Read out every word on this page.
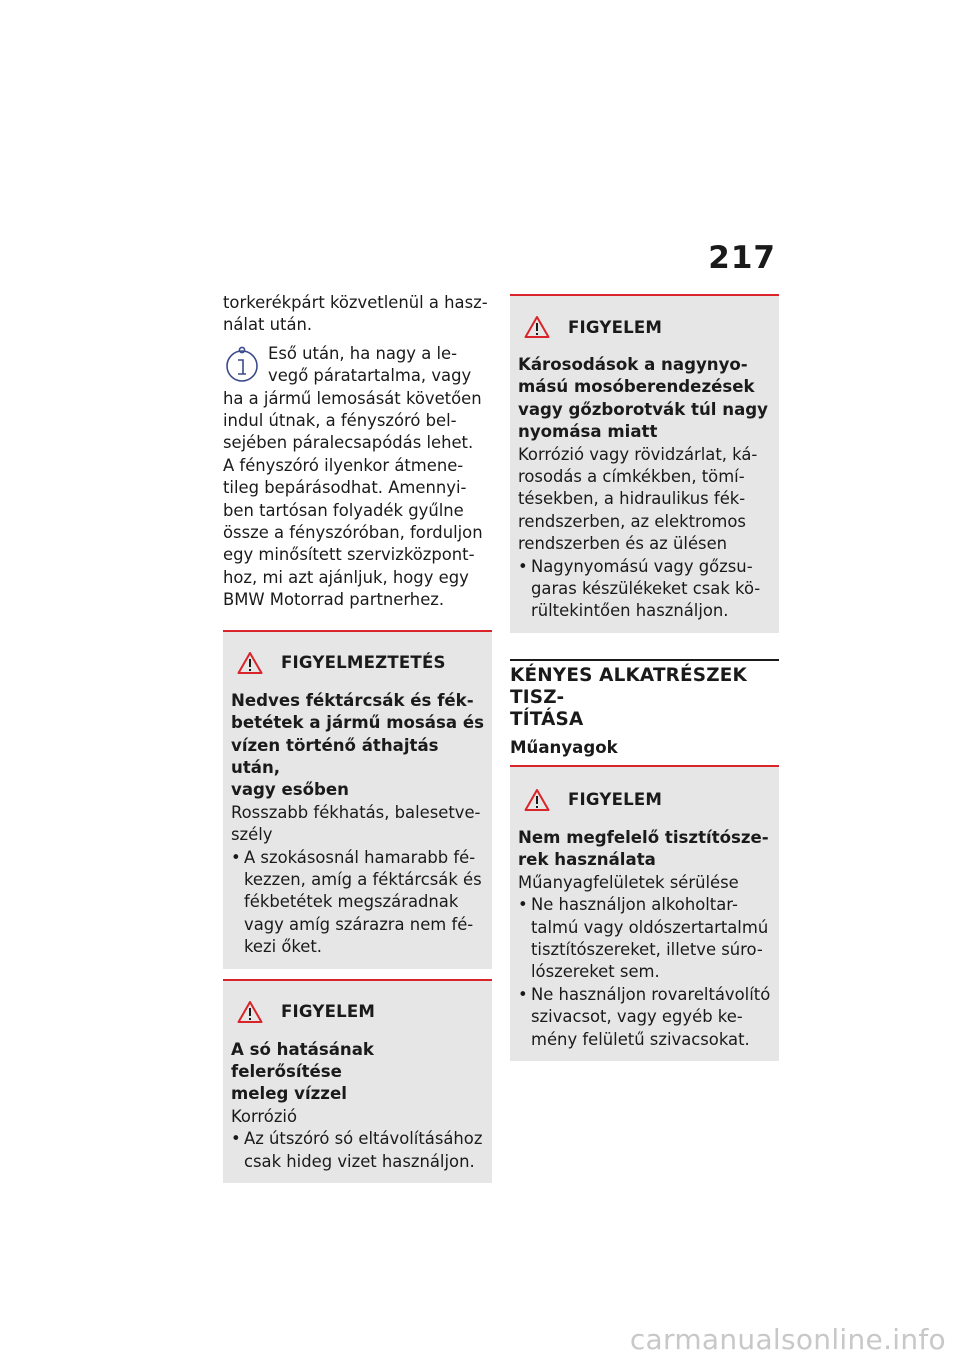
217

torkerékpárt közvetlenül a hasz-
nálat után.

Eső után, ha nagy a le-
vegő páratartalma, vagy

ha a jármű lemosását követően
indul útnak, a fényszóró bel-
sejében páralecsapódás lehet.
A fényszóró ilyenkor átmene-
tileg bepárásodhat. Amennyi-
ben tartósan folyadék gyűlne
össze a fényszóróban, forduljon
egy minősített szervizközpont-
hoz, mi azt ajánljuk, hogy egy
BMW Motorrad partnerhez.

FIGYELMEZTETÉS

Nedves féktárcsák és fék-
betétek a jármű mosása és
vízen történő áthajtás után,
vagy esőben

Rosszabb fékhatás, balesetve-
szély

• A szokásosnál hamarabb fé-
kezzen, amíg a féktárcsák és
fékbetétek megszáradnak
vagy amíg szárazra nem fé-
kezi őket.
FIGYELEM

A só hatásának felerősítése
meleg vízzel

Korrózió

• Az útszóró só eltávolításához
csak hideg vizet használjon.
FIGYELEM

Károsodások a nagynyo-
mású mosóberendezések
vagy gőzborotvák túl nagy
nyomása miatt

Korrózió vagy rövidzárlat, ká-
rosodás a címkékben, tömí-
tésekben, a hidraulikus fék-
rendszerben, az elektromos
rendszerben és az ülésen

• Nagynyomású vagy gőzsu-
garas készülékeket csak kö-
rültekintően használjon.
KÉNYES ALKATRÉSZEK TISZ-
TÍTÁSA
Műanyagok
FIGYELEM

Nem megfelelő tisztítósze-
rek használata

Műanyagfelületek sérülése

• Ne használjon alkoholtar-
talmú vagy oldószertartalmú
tisztítószereket, illetve súro-
lószereket sem.
• Ne használjon rovareltávolító
szivacsot, vagy egyéb ke-
mény felületű szivacsokat.
carmanualsonline.info
